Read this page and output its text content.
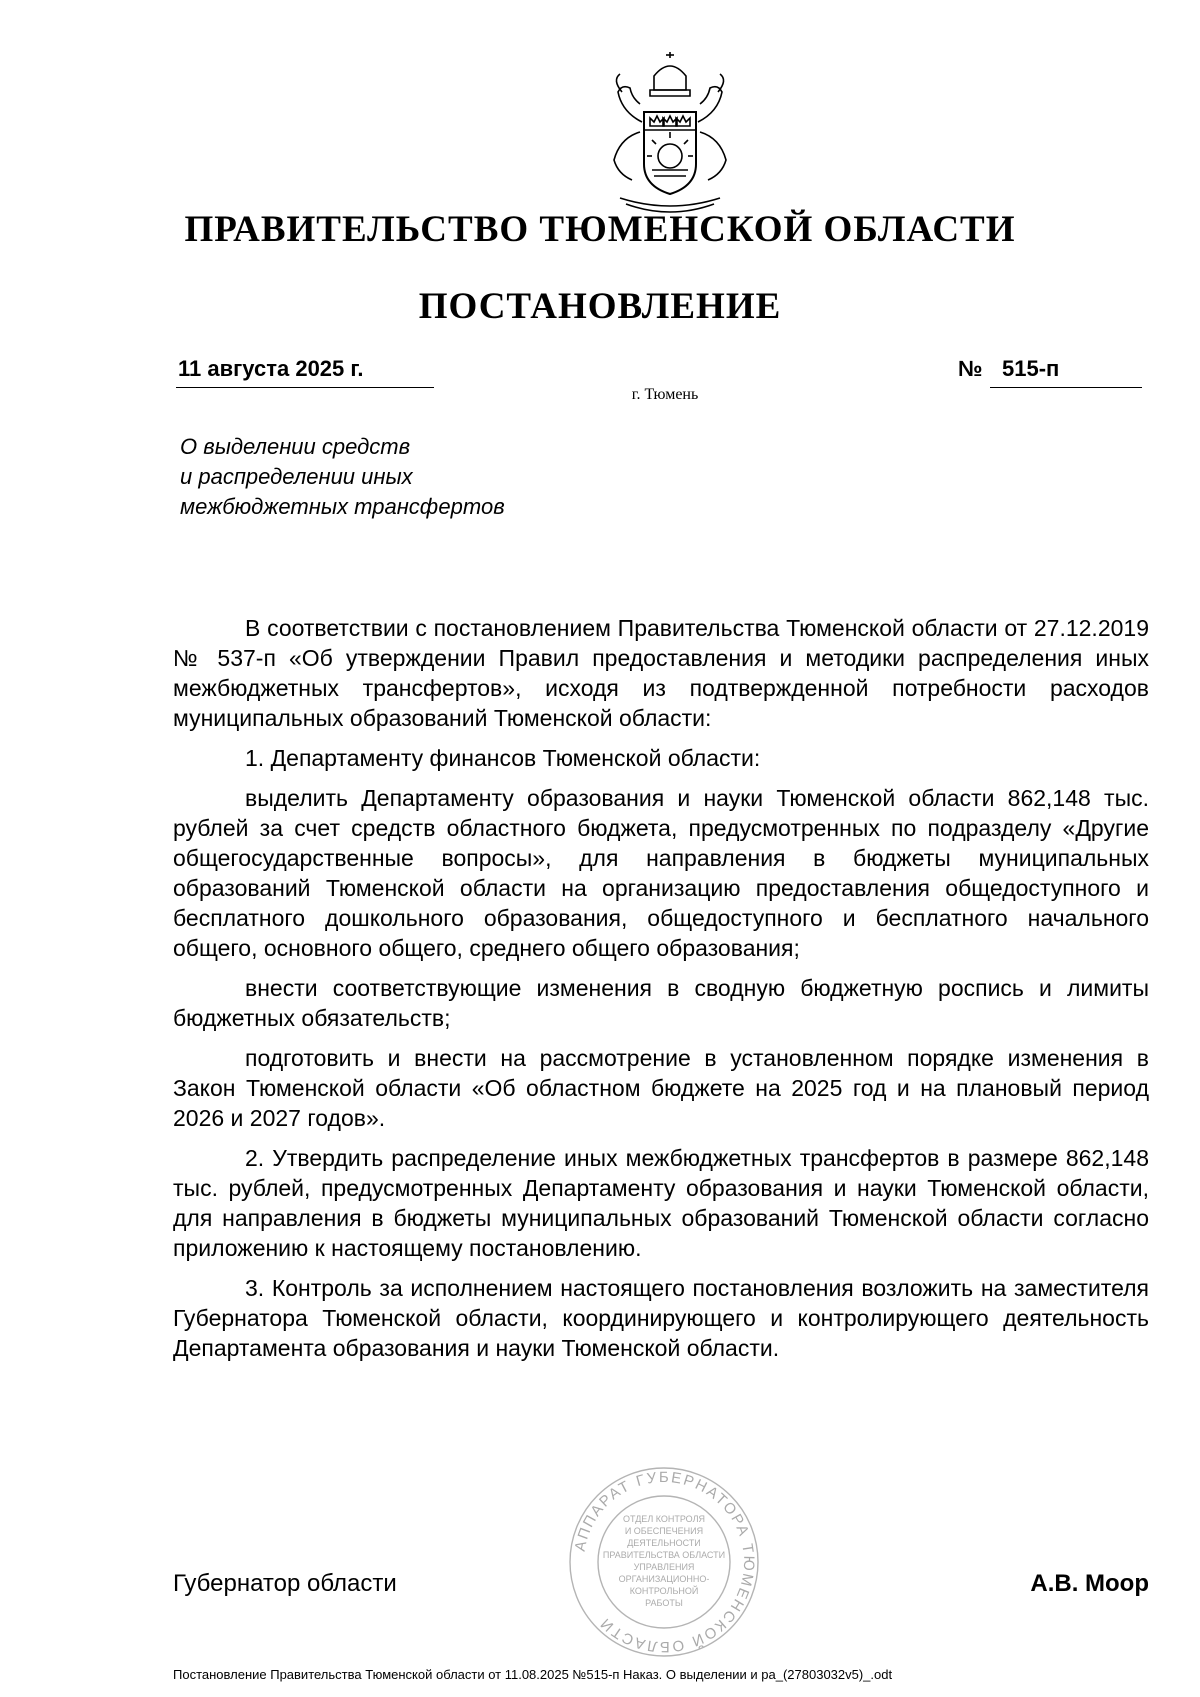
ПРАВИТЕЛЬСТВО ТЮМЕНСКОЙ ОБЛАСТИ
ПОСТАНОВЛЕНИЕ
11 августа 2025 г.	№ 515-п
г. Тюмень
О выделении средств
и распределении иных
межбюджетных трансфертов

В соответствии с постановлением Правительства Тюменской области от 27.12.2019 № 537-п «Об утверждении Правил предоставления и методики распределения иных межбюджетных трансфертов», исходя из подтвержденной потребности расходов муниципальных образований Тюменской области:

1. Департаменту финансов Тюменской области:

выделить Департаменту образования и науки Тюменской области 862,148 тыс. рублей за счет средств областного бюджета, предусмотренных по подразделу «Другие общегосударственные вопросы», для направления в бюджеты муниципальных образований Тюменской области на организацию предоставления общедоступного и бесплатного дошкольного образования, общедоступного и бесплатного начального общего, основного общего, среднего общего образования;

внести соответствующие изменения в сводную бюджетную роспись и лимиты бюджетных обязательств;

подготовить и внести на рассмотрение в установленном порядке изменения в Закон Тюменской области «Об областном бюджете на 2025 год и на плановый период 2026 и 2027 годов».

2. Утвердить распределение иных межбюджетных трансфертов в размере 862,148 тыс. рублей, предусмотренных Департаменту образования и науки Тюменской области, для направления в бюджеты муниципальных образований Тюменской области согласно приложению к настоящему постановлению.

3. Контроль за исполнением настоящего постановления возложить на заместителя Губернатора Тюменской области, координирующего и контролирующего деятельность Департамента образования и науки Тюменской области.

АППАРАТ ГУБЕРНАТОРА ТЮМЕНСКОЙ ОБЛАСТИ
ОТДЕЛ КОНТРОЛЯ
И ОБЕСПЕЧЕНИЯ
ДЕЯТЕЛЬНОСТИ
ПРАВИТЕЛЬСТВА ОБЛАСТИ
УПРАВЛЕНИЯ
ОРГАНИЗАЦИОННО-
КОНТРОЛЬНОЙ
РАБОТЫ
Губернатор области	А.В. Моор
Постановление Правительства Тюменской области от 11.08.2025 №515-п Наказ. О выделении и ра_(27803032v5)_.odt
